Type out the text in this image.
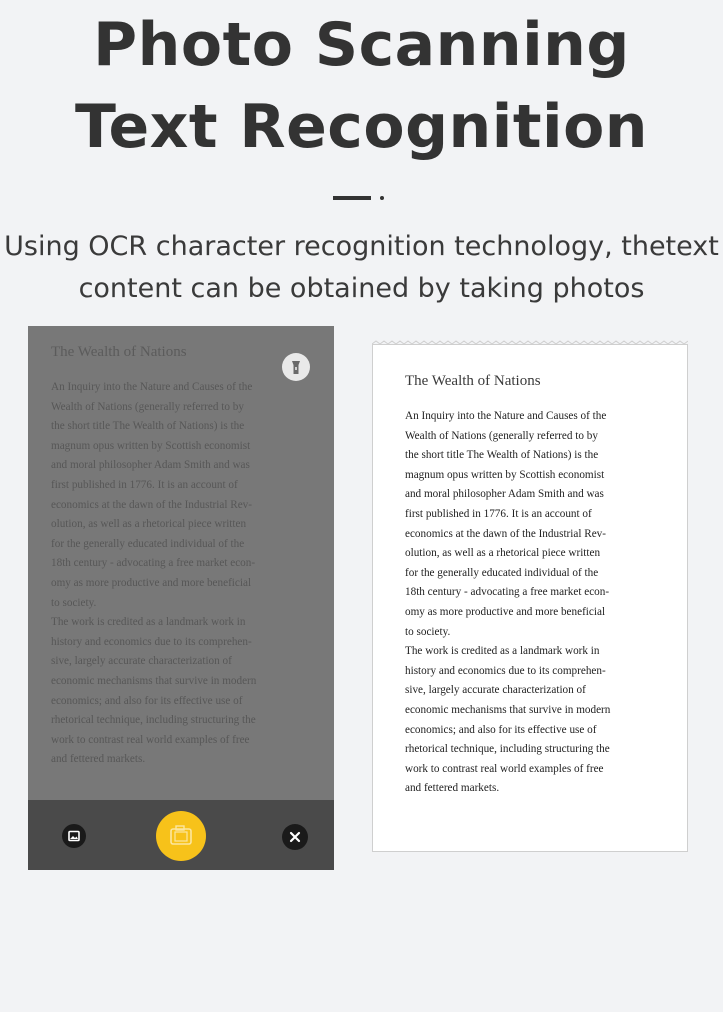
Photo Scanning
Text Recognition
Using OCR character recognition technology, thetext
content can be obtained by taking photos
The Wealth of Nations
An Inquiry into the Nature and Causes of the
Wealth of Nations (generally referred to by
the short title The Wealth of Nations) is the
magnum opus written by Scottish economist
and moral philosopher Adam Smith and was
first published in 1776. It is an account of
economics at the dawn of the Industrial Rev-
olution, as well as a rhetorical piece written
for the generally educated individual of the
18th century - advocating a free market econ-
omy as more productive and more beneficial
to society.
The work is credited as a landmark work in
history and economics due to its comprehen-
sive, largely accurate characterization of
economic mechanisms that survive in modern
economics; and also for its effective use of
rhetorical technique, including structuring the
work to contrast real world examples of free
and fettered markets.
The Wealth of Nations
An Inquiry into the Nature and Causes of the
Wealth of Nations (generally referred to by
the short title The Wealth of Nations) is the
magnum opus written by Scottish economist
and moral philosopher Adam Smith and was
first published in 1776. It is an account of
economics at the dawn of the Industrial Rev-
olution, as well as a rhetorical piece written
for the generally educated individual of the
18th century - advocating a free market econ-
omy as more productive and more beneficial
to society.
The work is credited as a landmark work in
history and economics due to its comprehen-
sive, largely accurate characterization of
economic mechanisms that survive in modern
economics; and also for its effective use of
rhetorical technique, including structuring the
work to contrast real world examples of free
and fettered markets.
